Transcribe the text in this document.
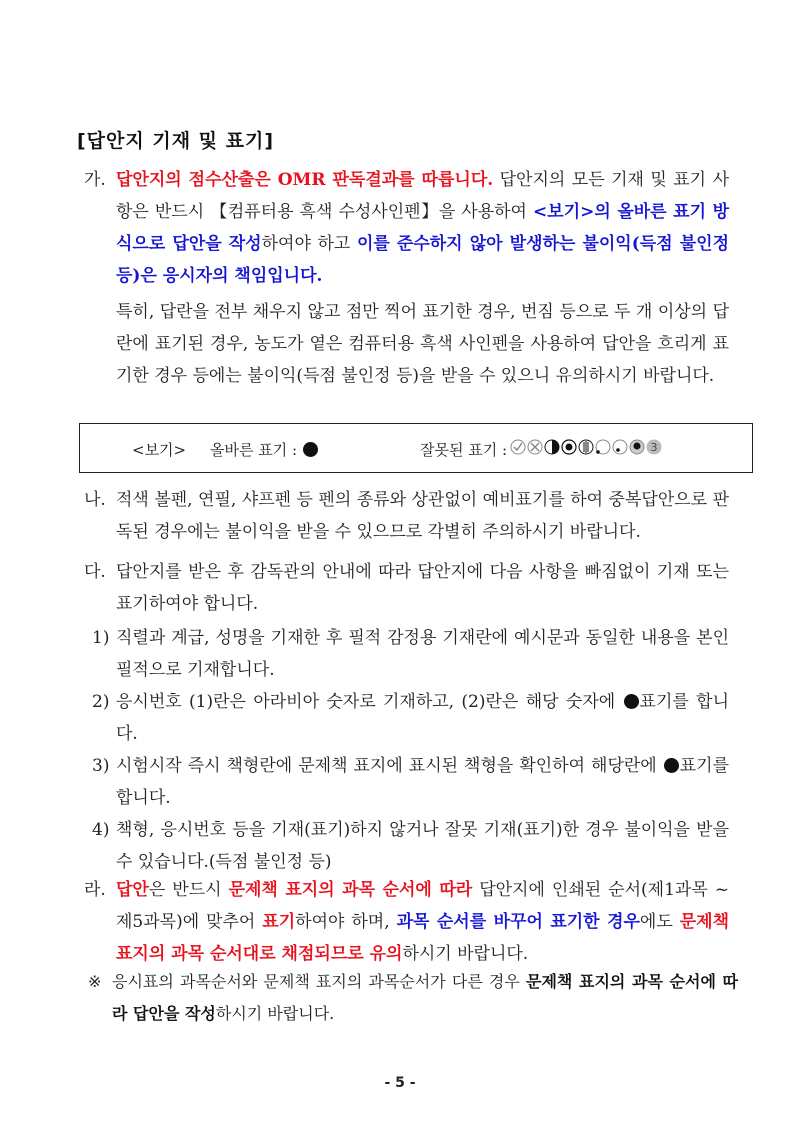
[답안지 기재 및 표기]
가. 답안지의 점수산출은 OMR 판독결과를 따릅니다. 답안지의 모든 기재 및 표기 사항은 반드시 【컴퓨터용 흑색 수성사인펜】을 사용하여 <보기>의 올바른 표기 방식으로 답안을 작성하여야 하고 이를 준수하지 않아 발생하는 불이익(득점 불인정 등)은 응시자의 책임입니다.
특히, 답란을 전부 채우지 않고 점만 찍어 표기한 경우, 번짐 등으로 두 개 이상의 답란에 표기된 경우, 농도가 옅은 컴퓨터용 흑색 사인펜을 사용하여 답안을 흐리게 표기한 경우 등에는 불이익(득점 불인정 등)을 받을 수 있으니 유의하시기 바랍니다.
<보기> 올바른 표기 :	잘못된 표기 :	3
나. 적색 볼펜, 연필, 샤프펜 등 펜의 종류와 상관없이 예비표기를 하여 중복답안으로 판독된 경우에는 불이익을 받을 수 있으므로 각별히 주의하시기 바랍니다.
다. 답안지를 받은 후 감독관의 안내에 따라 답안지에 다음 사항을 빠짐없이 기재 또는 표기하여야 합니다.
1) 직렬과 계급, 성명을 기재한 후 필적 감정용 기재란에 예시문과 동일한 내용을 본인 필적으로 기재합니다.
2) 응시번호 (1)란은 아라비아 숫자로 기재하고, (2)란은 해당 숫자에 표기를 합니다.
3) 시험시작 즉시 책형란에 문제책 표지에 표시된 책형을 확인하여 해당란에 표기를 합니다.
4) 책형, 응시번호 등을 기재(표기)하지 않거나 잘못 기재(표기)한 경우 불이익을 받을 수 있습니다.(득점 불인정 등)
라. 답안은 반드시 문제책 표지의 과목 순서에 따라 답안지에 인쇄된 순서(제1과목 ~ 제5과목)에 맞추어 표기하여야 하며, 과목 순서를 바꾸어 표기한 경우에도 문제책 표지의 과목 순서대로 채점되므로 유의하시기 바랍니다.
※ 응시표의 과목순서와 문제책 표지의 과목순서가 다른 경우 문제책 표지의 과목 순서에 따라 답안을 작성하시기 바랍니다.
- 5 -
